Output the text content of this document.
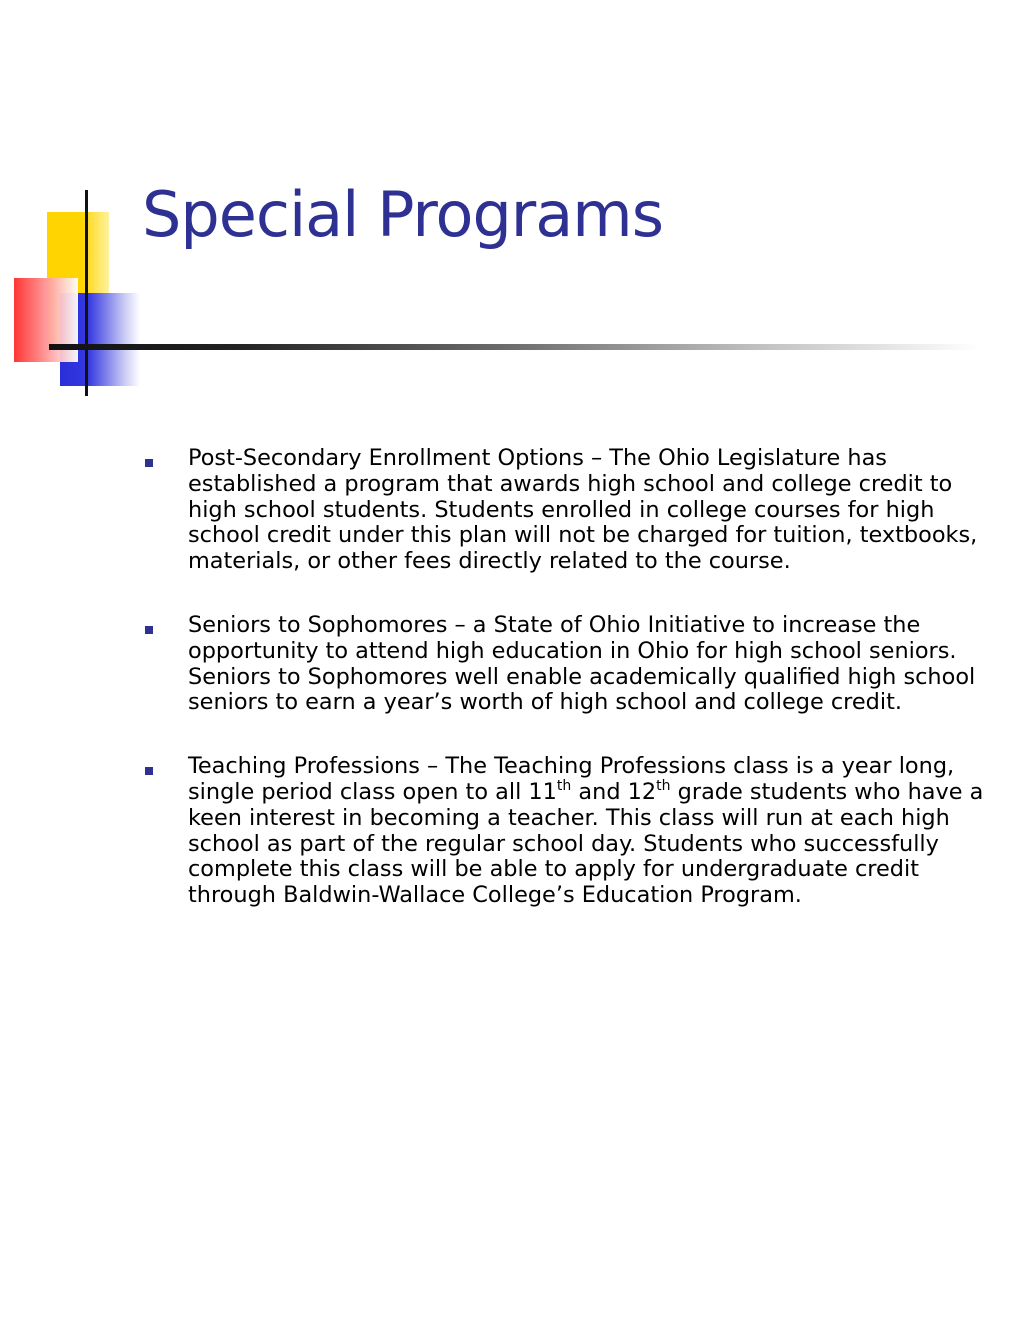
Special Programs
Post-Secondary Enrollment Options – The Ohio Legislature has established a program that awards high school and college credit to high school students. Students enrolled in college courses for high school credit under this plan will not be charged for tuition, textbooks, materials, or other fees directly related to the course.
Seniors to Sophomores – a State of Ohio Initiative to increase the opportunity to attend high education in Ohio for high school seniors. Seniors to Sophomores well enable academically qualified high school seniors to earn a year’s worth of high school and college credit.
Teaching Professions – The Teaching Professions class is a year long, single period class open to all 11th and 12th grade students who have a keen interest in becoming a teacher. This class will run at each high school as part of the regular school day. Students who successfully complete this class will be able to apply for undergraduate credit through Baldwin-Wallace College’s Education Program.
